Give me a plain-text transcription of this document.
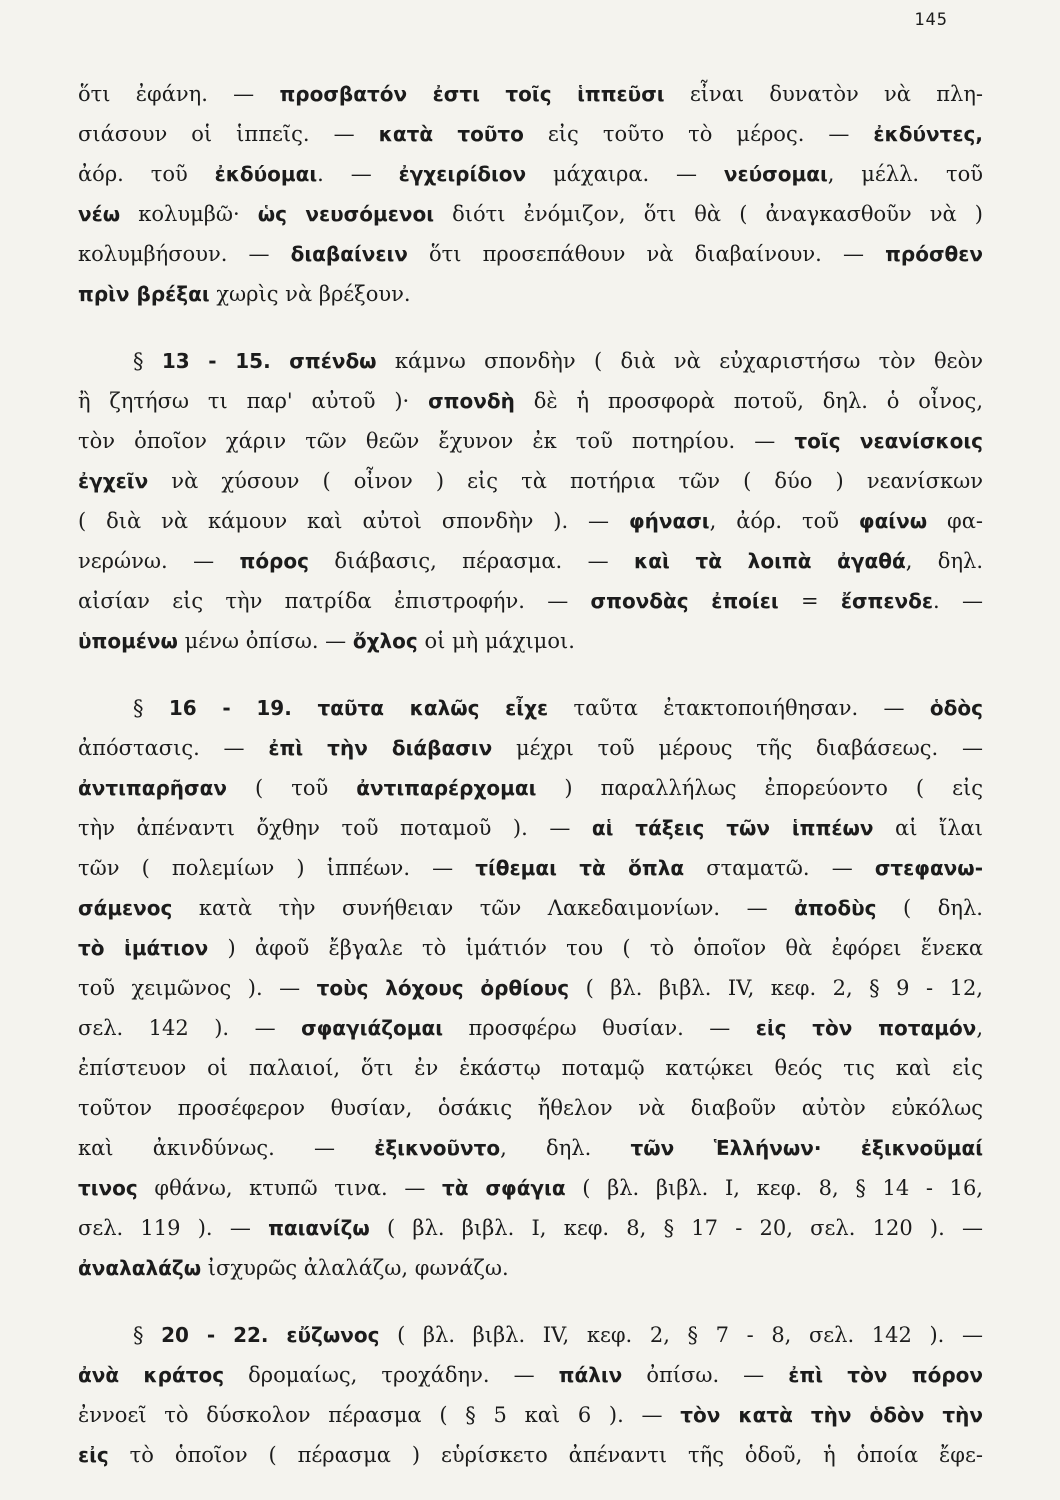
145

ὅτι ἐφάνη. — προσβατόν ἐστι τοῖς ἱππεῦσι εἶναι δυνατὸν νὰ πλη-
σιάσουν οἱ ἱππεῖς. — κατὰ τοῦτο εἰς τοῦτο τὸ μέρος. — ἐκδύντες,
ἀόρ. τοῦ ἐκδύομαι. — ἐγχειρίδιον μάχαιρα. — νεύσομαι, μέλλ. τοῦ
νέω κολυμβῶ· ὡς νευσόμενοι διότι ἐνόμιζον, ὅτι θὰ ( ἀναγκασθοῦν νὰ )
κολυμβήσουν. — διαβαίνειν ὅτι προσεπάθουν νὰ διαβαίνουν. — πρόσθεν
πρὶν βρέξαι χωρὶς νὰ βρέξουν.

§ 13 - 15. σπένδω κάμνω σπονδὴν ( διὰ νὰ εὐχαριστήσω τὸν θεὸν
ἢ ζητήσω τι παρ' αὐτοῦ )· σπονδὴ δὲ ἡ προσφορὰ ποτοῦ, δηλ. ὁ οἶνος,
τὸν ὁποῖον χάριν τῶν θεῶν ἔχυνον ἐκ τοῦ ποτηρίου. — τοῖς νεανίσκοις
ἐγχεῖν νὰ χύσουν ( οἶνον ) εἰς τὰ ποτήρια τῶν ( δύο ) νεανίσκων
( διὰ νὰ κάμουν καὶ αὐτοὶ σπονδὴν ). — φήνασι, ἀόρ. τοῦ φαίνω φα-
νερώνω. — πόρος διάβασις, πέρασμα. — καὶ τὰ λοιπὰ ἀγαθά, δηλ.
αἰσίαν εἰς τὴν πατρίδα ἐπιστροφήν. — σπονδὰς ἐποίει = ἔσπενδε. —
ὑπομένω μένω ὀπίσω. — ὄχλος οἱ μὴ μάχιμοι.

§ 16 - 19. ταῦτα καλῶς εἶχε ταῦτα ἐτακτοποιήθησαν. — ὁδὸς
ἀπόστασις. — ἐπὶ τὴν διάβασιν μέχρι τοῦ μέρους τῆς διαβάσεως. —
ἀντιπαρῆσαν ( τοῦ ἀντιπαρέρχομαι ) παραλλήλως ἐπορεύοντο ( εἰς
τὴν ἀπέναντι ὄχθην τοῦ ποταμοῦ ). — αἱ τάξεις τῶν ἱππέων αἱ ἴλαι
τῶν ( πολεμίων ) ἱππέων. — τίθεμαι τὰ ὅπλα σταματῶ. — στεφανω-
σάμενος κατὰ τὴν συνήθειαν τῶν Λακεδαιμονίων. — ἀποδὺς ( δηλ.
τὸ ἱμάτιον ) ἀφοῦ ἔβγαλε τὸ ἱμάτιόν του ( τὸ ὁποῖον θὰ ἐφόρει ἕνεκα
τοῦ χειμῶνος ). — τοὺς λόχους ὀρθίους ( βλ. βιβλ. IV, κεφ. 2, § 9 - 12,
σελ. 142 ). — σφαγιάζομαι προσφέρω θυσίαν. — εἰς τὸν ποταμόν,
ἐπίστευον οἱ παλαιοί, ὅτι ἐν ἑκάστῳ ποταμῷ κατῴκει θεός τις καὶ εἰς
τοῦτον προσέφερον θυσίαν, ὁσάκις ἤθελον νὰ διαβοῦν αὐτὸν εὐκόλως
καὶ ἀκινδύνως. — ἐξικνοῦντο, δηλ. τῶν Ἑλλήνων· ἐξικνοῦμαί
τινος φθάνω, κτυπῶ τινα. — τὰ σφάγια ( βλ. βιβλ. I, κεφ. 8, § 14 - 16,
σελ. 119 ). — παιανίζω ( βλ. βιβλ. I, κεφ. 8, § 17 - 20, σελ. 120 ). —
ἀναλαλάζω ἰσχυρῶς ἀλαλάζω, φωνάζω.

§ 20 - 22. εὔζωνος ( βλ. βιβλ. IV, κεφ. 2, § 7 - 8, σελ. 142 ). —
ἀνὰ κράτος δρομαίως, τροχάδην. — πάλιν ὀπίσω. — ἐπὶ τὸν πόρον
ἐννοεῖ τὸ δύσκολον πέρασμα ( § 5 καὶ 6 ). — τὸν κατὰ τὴν ὁδὸν τὴν
εἰς τὸ ὁποῖον ( πέρασμα ) εὑρίσκετο ἀπέναντι τῆς ὁδοῦ, ἡ ὁποία ἔφε-
